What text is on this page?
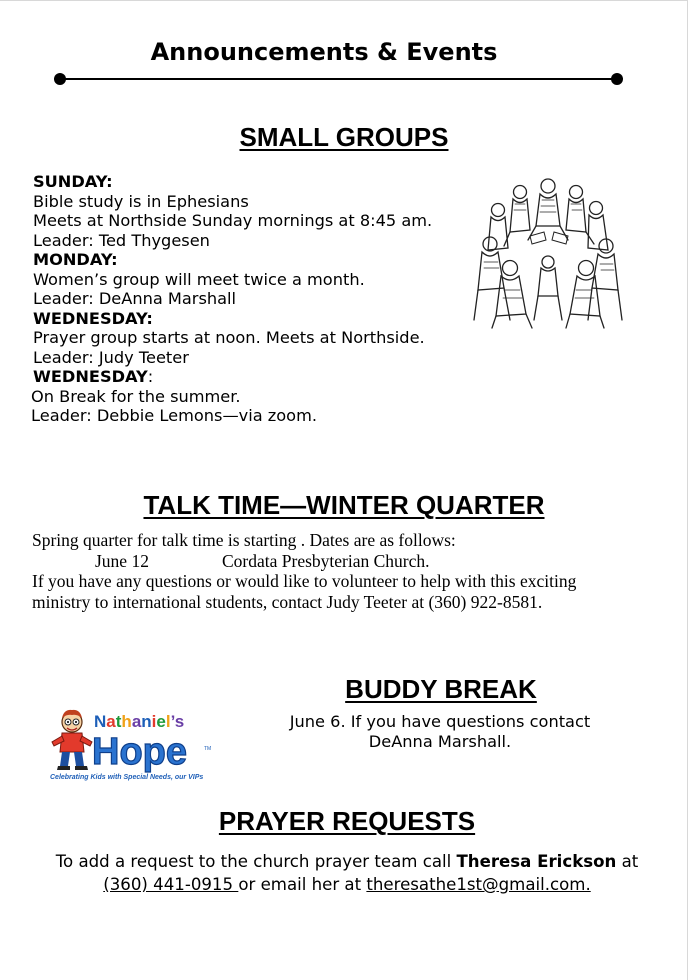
Announcements & Events
SMALL GROUPS
SUNDAY:
Bible study is in Ephesians
Meets at Northside Sunday mornings at 8:45 am.
Leader: Ted Thygesen
MONDAY:
Women’s group will meet twice a month.
Leader: DeAnna Marshall
WEDNESDAY:
Prayer group starts at noon. Meets at Northside.
Leader: Judy Teeter
WEDNESDAY:
On Break for the summer.
Leader: Debbie Lemons—via zoom.
TALK TIME—WINTER QUARTER
Spring quarter for talk time is starting . Dates are as follows:
June 12	Cordata Presbyterian Church.
If you have any questions or would like to volunteer to help with this exciting
ministry to international students, contact Judy Teeter at (360) 922-8581.
BUDDY BREAK
Nathaniel’s
Hope	TM
Celebrating Kids with Special Needs, our VIPs
June 6. If you have questions contact
DeAnna Marshall.
PRAYER REQUESTS
To add a request to the church prayer team call Theresa Erickson at
(360) 441-0915 or email her at theresathe1st@gmail.com.
